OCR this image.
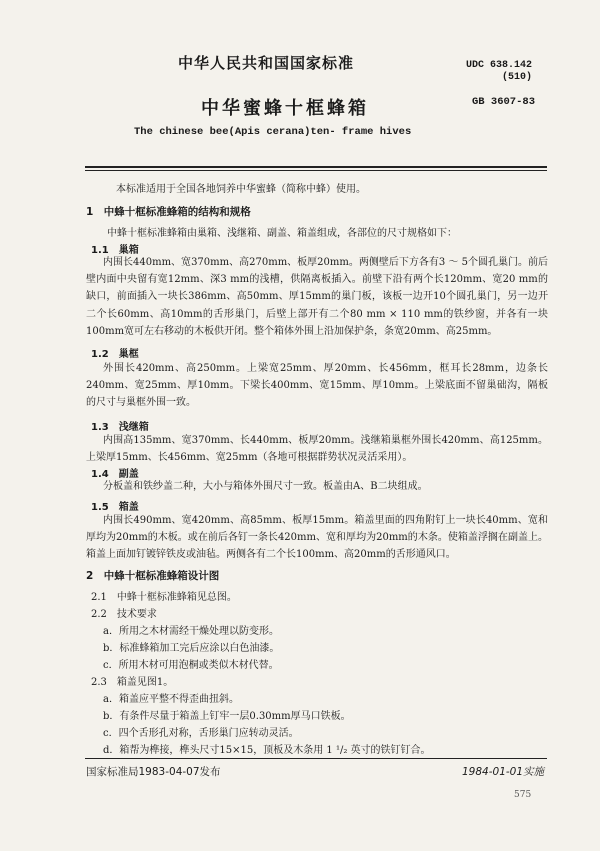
中华人民共和国国家标准	UDC 638.142
(510)
中华蜜蜂十框蜂箱	GB 3607-83
The chinese bee(Apis cerana)ten- frame hives
本标准适用于全国各地饲养中华蜜蜂（简称中蜂）使用。
1　中蜂十框标准蜂箱的结构和规格
中蜂十框标准蜂箱由巢箱、浅继箱、副盖、箱盖组成，各部位的尺寸规格如下：
1.1　巢箱
内围长440mm、宽370mm、高270mm、板厚20mm。两侧壁后下方各有3 ～ 5个圆孔巢门。前后壁内面中央留有宽12mm、深3 mm的浅槽，供隔离板插入。前壁下沿有两个长120mm、宽20 mm的缺口，前面插入一块长386mm、高50mm、厚15mm的巢门板，该板一边开10个圆孔巢门，另一边开二个长60mm、高10mm的舌形巢门，后壁上部开有二个80 mm × 110 mm的铁纱窗，并各有一块100mm宽可左右移动的木板供开闭。整个箱体外围上沿加保护条，条宽20mm、高25mm。
1.2　巢框
外围长420mm、高250mm。上梁宽25mm、厚20mm、长456mm，框耳长28mm，边条长240mm、宽25mm、厚10mm。下梁长400mm、宽15mm、厚10mm。上梁底面不留巢础沟，隔板的尺寸与巢框外围一致。
1.3　浅继箱
内围高135mm、宽370mm、长440mm、板厚20mm。浅继箱巢框外围长420mm、高125mm。上梁厚15mm、长456mm、宽25mm（各地可根据群势状况灵活采用）。
1.4　副盖
分板盖和铁纱盖二种，大小与箱体外围尺寸一致。板盖由A、B二块组成。
1.5　箱盖
内围长490mm、宽420mm、高85mm、板厚15mm。箱盖里面的四角附钉上一块长40mm、宽和厚均为20mm的木板。或在前后各钉一条长420mm、宽和厚均为20mm的木条。使箱盖浮搁在副盖上。箱盖上面加钉镀锌铁皮或油毡。两侧各有二个长100mm、高20mm的舌形通风口。
2　中蜂十框标准蜂箱设计图
2.1　中蜂十框标准蜂箱见总图。
2.2　技术要求
a．所用之木材需经干燥处理以防变形。
b．标准蜂箱加工完后应涂以白色油漆。
c．所用木材可用泡桐或类似木材代替。
2.3　箱盖见图1。
a．箱盖应平整不得歪曲扭斜。
b．有条件尽量于箱盖上钉牢一层0.30mm厚马口铁板。
c．四个舌形孔对称，舌形巢门应转动灵活。
d．箱帮为榫接，榫头尺寸15×15，顶板及木条用 1 ¹/₂ 英寸的铁钉钉合。
国家标准局1983-04-07发布	1984-01-01实施
575
